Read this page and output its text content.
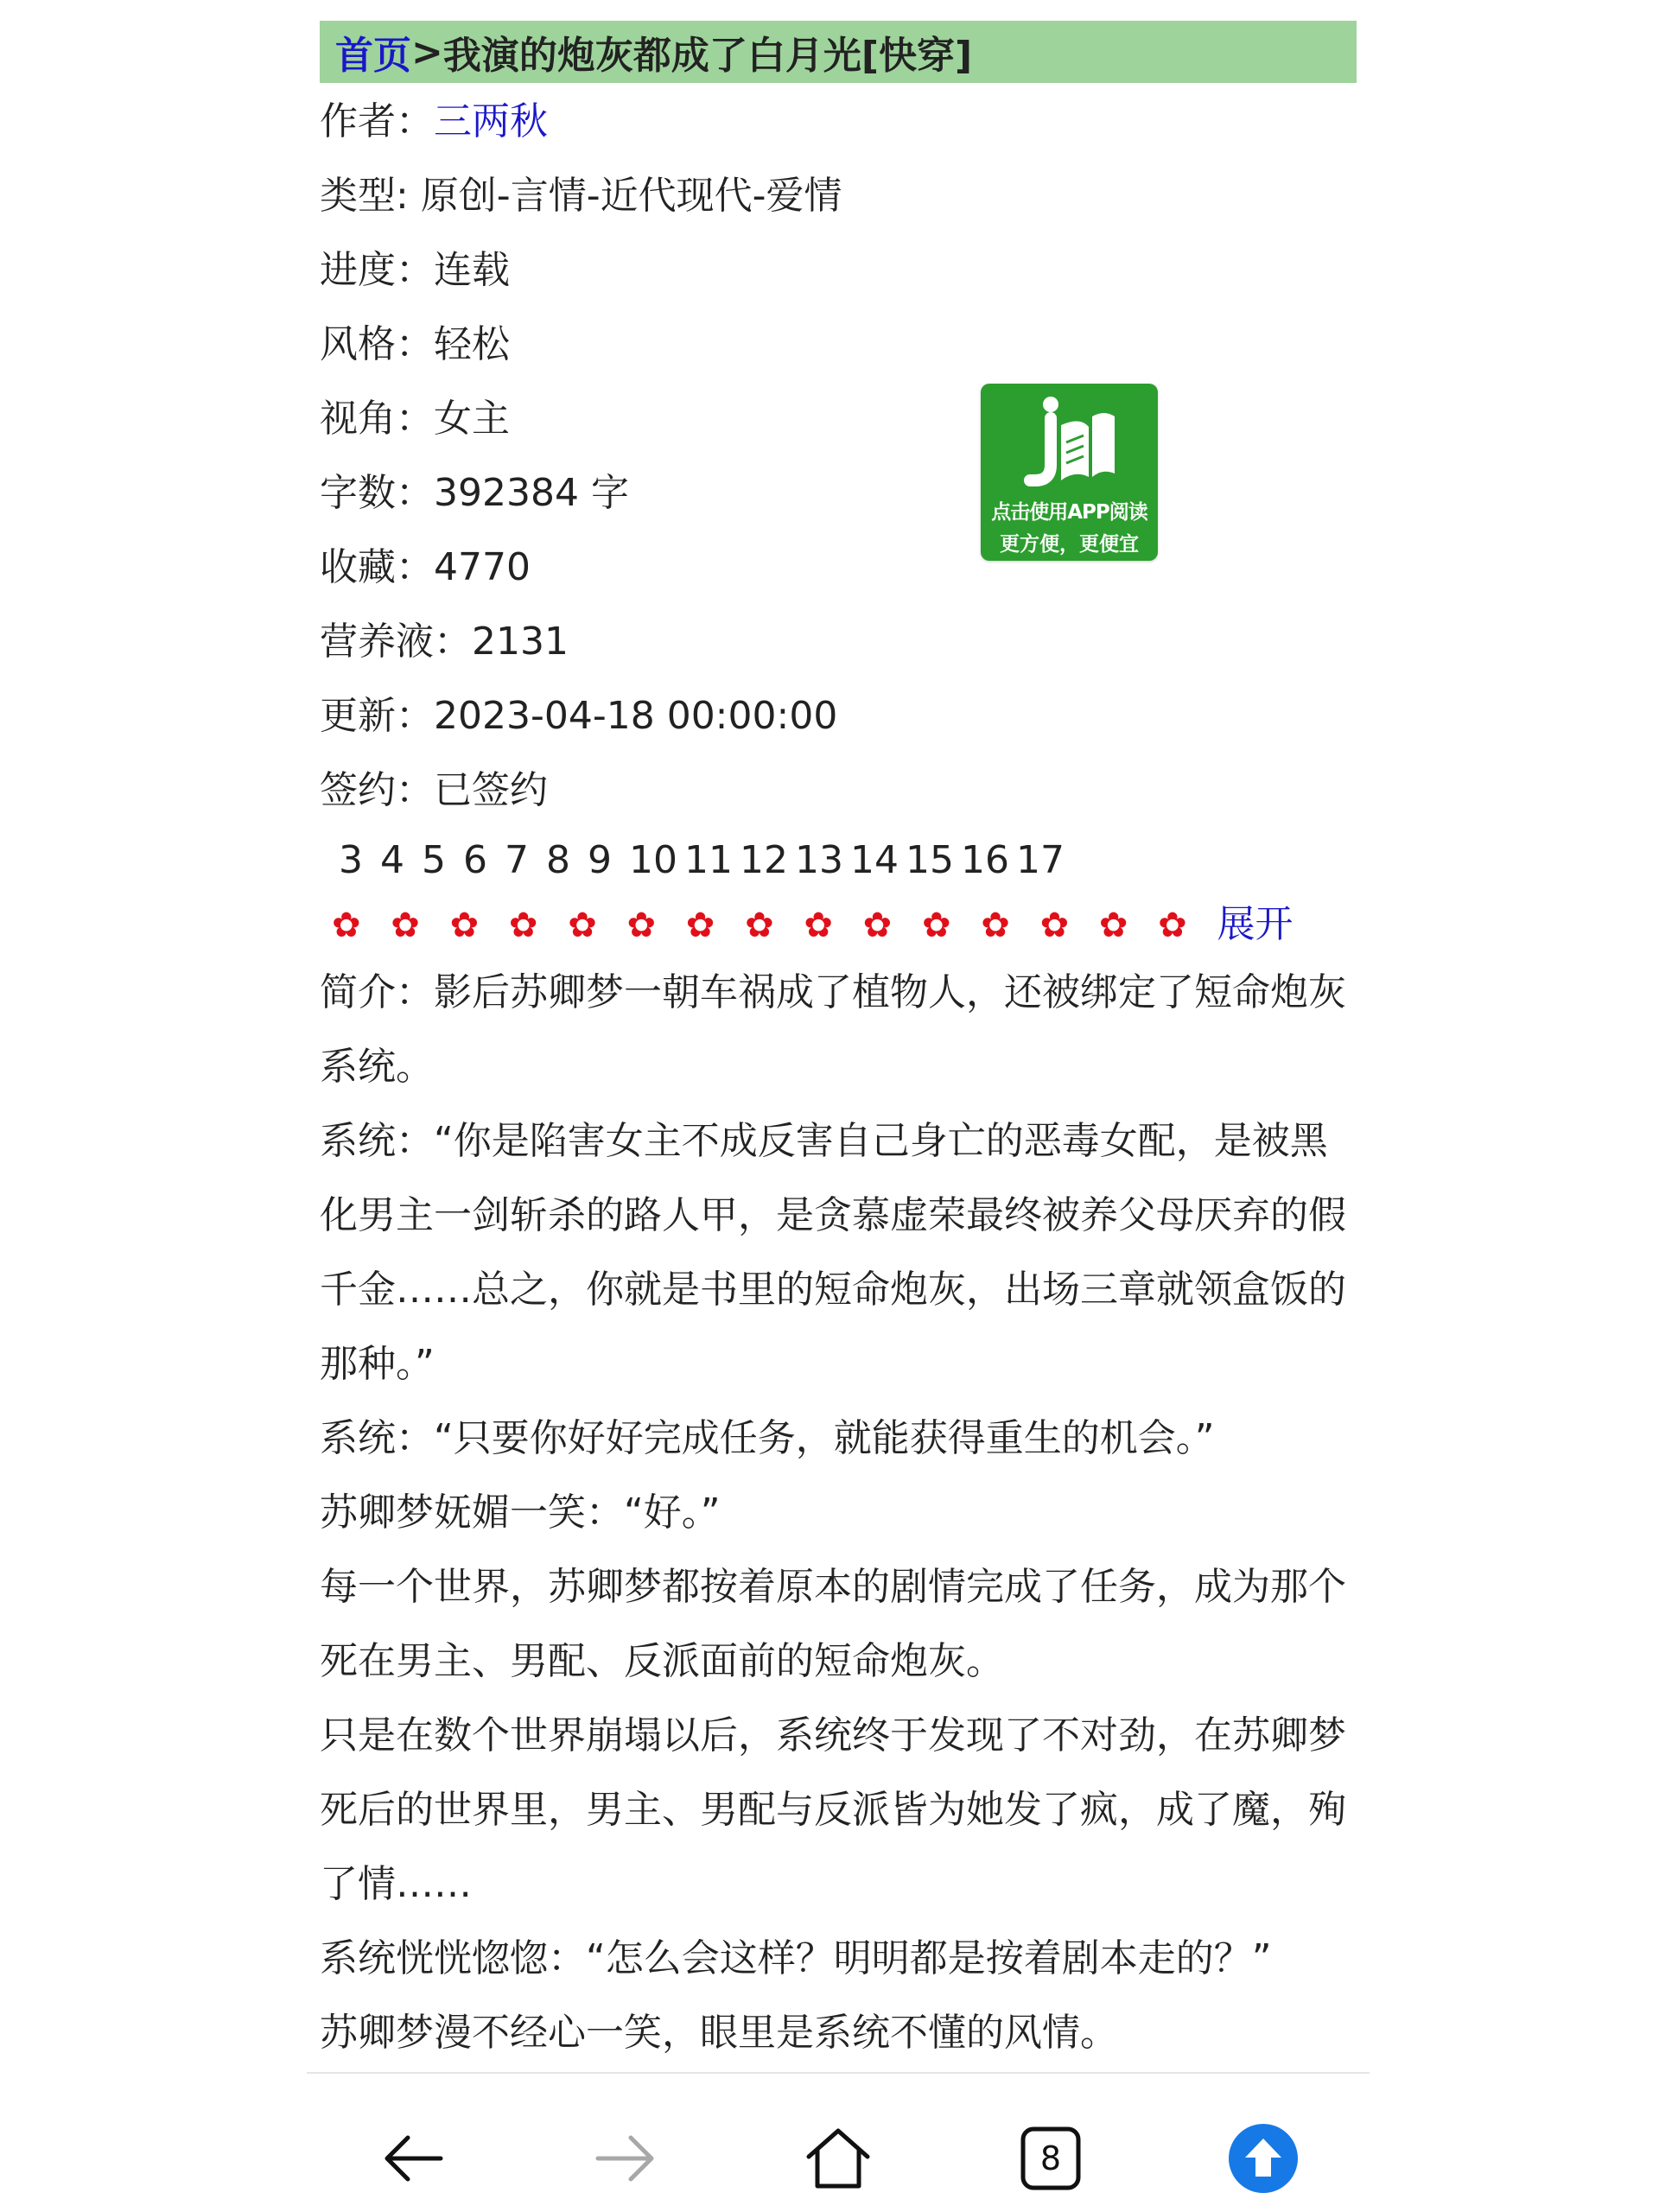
首页 > 我演的炮灰都成了白月光[快穿]
作者：三两秋
类型: 原创-言情-近代现代-爱情
进度：连载
风格：轻松
视角：女主
字数：392384 字
收藏：4770
营养液：2131
更新：2023-04-18 00:00:00
签约：已签约
3 4 5 6 7 8 9 10 11 12 13 14 15 16 17
✿ ✿ ✿ ✿ ✿ ✿ ✿ ✿ ✿ ✿ ✿ ✿ ✿ ✿ ✿ 展开

简介：影后苏卿梦一朝车祸成了植物人，还被绑定了短命炮灰系统。

系统：“你是陷害女主不成反害自己身亡的恶毒女配，是被黑化男主一剑斩杀的路人甲，是贪慕虚荣最终被养父母厌弃的假千金……总之，你就是书里的短命炮灰，出场三章就领盒饭的那种。”

系统：“只要你好好完成任务，就能获得重生的机会。”

苏卿梦妩媚一笑：“好。”

每一个世界，苏卿梦都按着原本的剧情完成了任务，成为那个死在男主、男配、反派面前的短命炮灰。

只是在数个世界崩塌以后，系统终于发现了不对劲，在苏卿梦死后的世界里，男主、男配与反派皆为她发了疯，成了魔，殉了情……

系统恍恍惚惚：“怎么会这样？明明都是按着剧本走的？”

苏卿梦漫不经心一笑，眼里是系统不懂的风情。

点击使用APP阅读
更方便，更便宜
8
